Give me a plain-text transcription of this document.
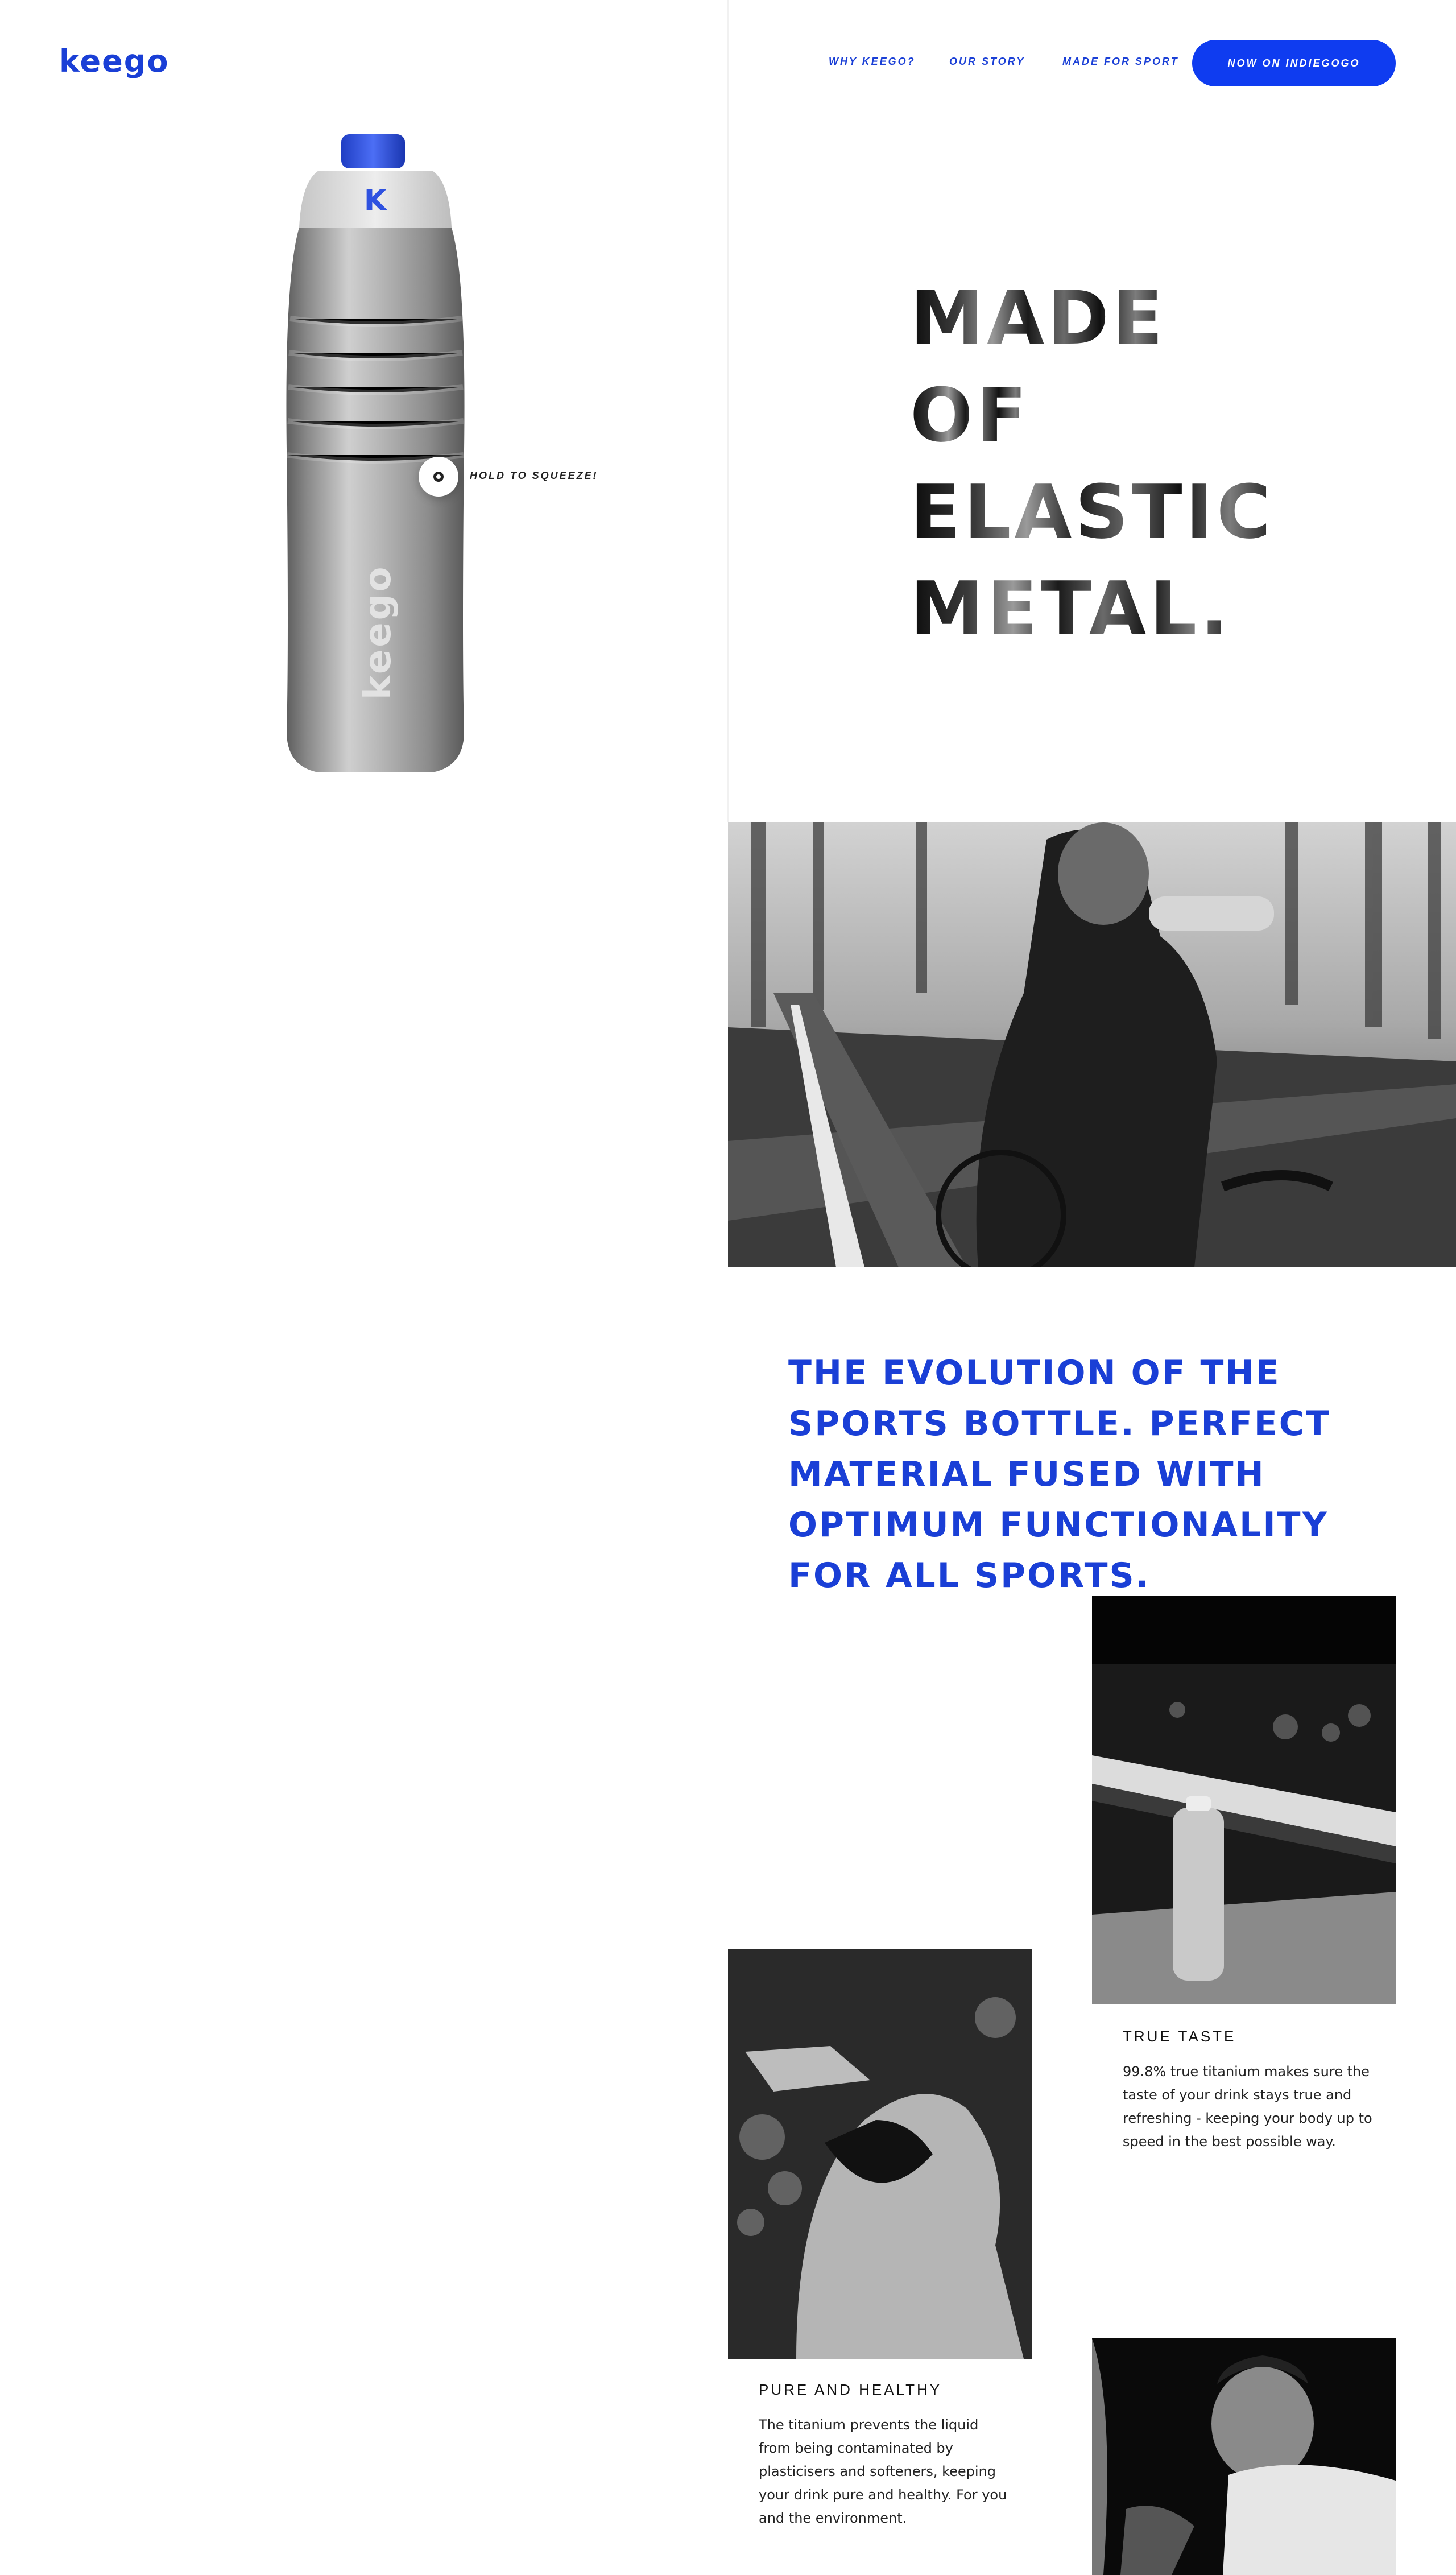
keego	WHY KEEGO?	OUR STORY	MADE FOR SPORT	NOW ON INDIEGOGO
K
keego
HOLD TO SQUEEZE!
MADE
OF
ELASTIC
METAL.
THE EVOLUTION OF THE SPORTS BOTTLE. PERFECT MATERIAL FUSED WITH OPTIMUM FUNCTIONALITY FOR ALL SPORTS.
TRUE TASTE
99.8% true titanium makes sure the taste of your drink stays true and refreshing - keeping your body up to speed in the best possible way.
PURE AND HEALTHY
The titanium prevents the liquid from being contaminated by plasticisers and softeners, keeping your drink pure and healthy. For you and the environment.
